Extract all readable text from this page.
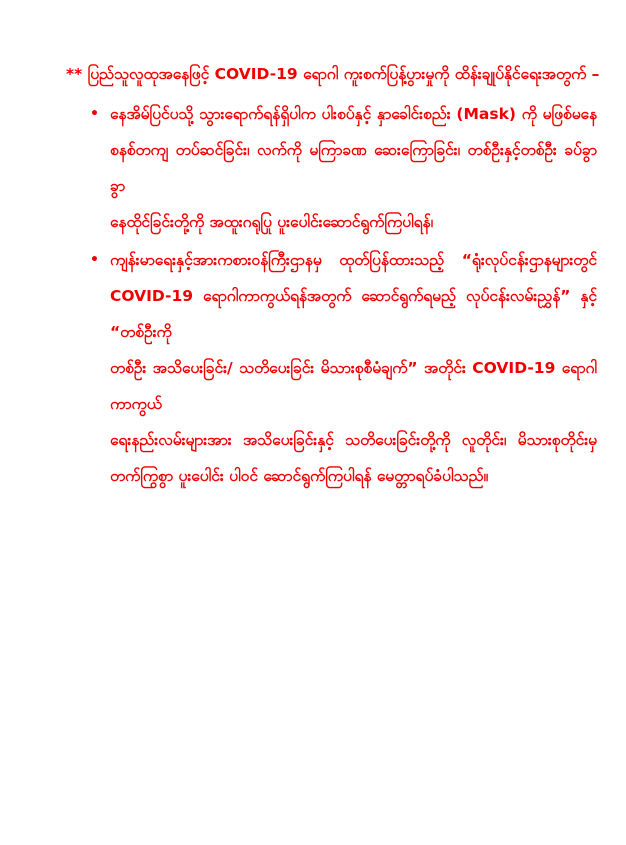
** ပြည်သူလူထုအနေဖြင့် COVID-19 ရောဂါ ကူးစက်ပြန့်ပွားမှုကို ထိန်းချုပ်နိုင်ရေးအတွက် –
• နေအိမ်ပြင်ပသို့ သွားရောက်ရန်ရှိပါက ပါးစပ်နှင့် နှာခေါင်းစည်း (Mask) ကို မဖြစ်မနေ
စနစ်တကျ တပ်ဆင်ခြင်း၊ လက်ကို မကြာခဏ ဆေးကြောခြင်း၊ တစ်ဦးနှင့်တစ်ဦး ခပ်ခွာခွာ
နေထိုင်ခြင်းတို့ကို အထူးဂရုပြု ပူးပေါင်းဆောင်ရွက်ကြပါရန်၊
• ကျန်းမာရေးနှင့်အားကစားဝန်ကြီးဌာနမှ ထုတ်ပြန်ထားသည့် “ရုံးလုပ်ငန်းဌာနများတွင်
COVID-19 ရောဂါကာကွယ်ရန်အတွက် ဆောင်ရွက်ရမည့် လုပ်ငန်းလမ်းညွှန်” နှင့် “တစ်ဦးကို
တစ်ဦး အသိပေးခြင်း/ သတိပေးခြင်း မိသားစုစီမံချက်” အတိုင်း COVID-19 ရောဂါ ကာကွယ်
ရေးနည်းလမ်းများအား အသိပေးခြင်းနှင့် သတိပေးခြင်းတို့ကို လူတိုင်း၊ မိသားစုတိုင်းမှ
တက်ကြွစွာ ပူးပေါင်း ပါဝင် ဆောင်ရွက်ကြပါရန် မေတ္တာရပ်ခံပါသည်။
